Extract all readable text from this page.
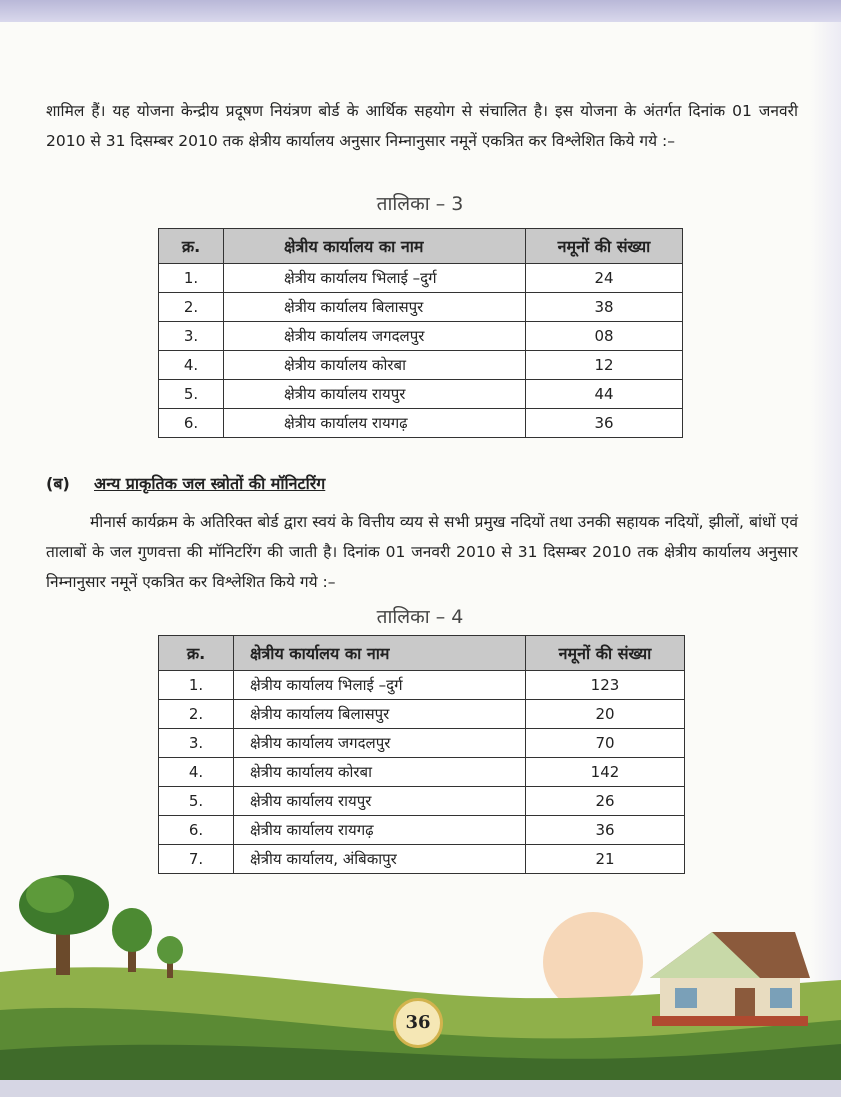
शामिल हैं। यह योजना केन्द्रीय प्रदूषण नियंत्रण बोर्ड के आर्थिक सहयोग से संचालित है। इस योजना के अंतर्गत दिनांक 01 जनवरी 2010 से 31 दिसम्बर 2010 तक क्षेत्रीय कार्यालय अनुसार निम्नानुसार नमूनें एकत्रित कर विश्लेशित किये गये :–

तालिका – 3
क्र.	क्षेत्रीय कार्यालय का नाम	नमूनों की संख्या
1.	क्षेत्रीय कार्यालय भिलाई –दुर्ग	24
2.	क्षेत्रीय कार्यालय बिलासपुर	38
3.	क्षेत्रीय कार्यालय जगदलपुर	08
4.	क्षेत्रीय कार्यालय कोरबा	12
5.	क्षेत्रीय कार्यालय रायपुर	44
6.	क्षेत्रीय कार्यालय रायगढ़	36
(ब) अन्य प्राकृतिक जल स्त्रोतों की मॉनिटरिंग

मीनार्स कार्यक्रम के अतिरिक्त बोर्ड द्वारा स्वयं के वित्तीय व्यय से सभी प्रमुख नदियों तथा उनकी सहायक नदियों, झीलों, बांधों एवं तालाबों के जल गुणवत्ता की मॉनिटरिंग की जाती है। दिनांक 01 जनवरी 2010 से 31 दिसम्बर 2010 तक क्षेत्रीय कार्यालय अनुसार निम्नानुसार नमूनें एकत्रित कर विश्लेशित किये गये :–

तालिका – 4
क्र.	क्षेत्रीय कार्यालय का नाम	नमूनों की संख्या
1.	क्षेत्रीय कार्यालय भिलाई –दुर्ग	123
2.	क्षेत्रीय कार्यालय बिलासपुर	20
3.	क्षेत्रीय कार्यालय जगदलपुर	70
4.	क्षेत्रीय कार्यालय कोरबा	142
5.	क्षेत्रीय कार्यालय रायपुर	26
6.	क्षेत्रीय कार्यालय रायगढ़	36
7.	क्षेत्रीय कार्यालय, अंबिकापुर	21
36
